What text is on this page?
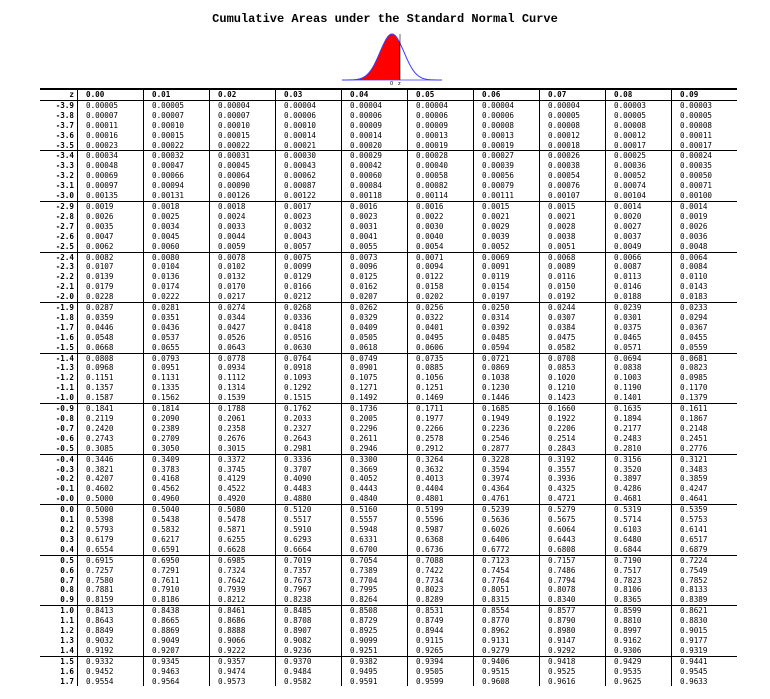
Cumulative Areas under the Standard Normal Curve
0 z
z	0.00	0.01	0.02	0.03	0.04	0.05	0.06	0.07	0.08	0.09
-3.9	0.00005	0.00005	0.00004	0.00004	0.00004	0.00004	0.00004	0.00004	0.00003	0.00003
-3.8	0.00007	0.00007	0.00007	0.00006	0.00006	0.00006	0.00006	0.00005	0.00005	0.00005
-3.7	0.00011	0.00010	0.00010	0.00010	0.00009	0.00009	0.00008	0.00008	0.00008	0.00008
-3.6	0.00016	0.00015	0.00015	0.00014	0.00014	0.00013	0.00013	0.00012	0.00012	0.00011
-3.5	0.00023	0.00022	0.00022	0.00021	0.00020	0.00019	0.00019	0.00018	0.00017	0.00017
-3.4	0.00034	0.00032	0.00031	0.00030	0.00029	0.00028	0.00027	0.00026	0.00025	0.00024
-3.3	0.00048	0.00047	0.00045	0.00043	0.00042	0.00040	0.00039	0.00038	0.00036	0.00035
-3.2	0.00069	0.00066	0.00064	0.00062	0.00060	0.00058	0.00056	0.00054	0.00052	0.00050
-3.1	0.00097	0.00094	0.00090	0.00087	0.00084	0.00082	0.00079	0.00076	0.00074	0.00071
-3.0	0.00135	0.00131	0.00126	0.00122	0.00118	0.00114	0.00111	0.00107	0.00104	0.00100
-2.9	0.0019	0.0018	0.0018	0.0017	0.0016	0.0016	0.0015	0.0015	0.0014	0.0014
-2.8	0.0026	0.0025	0.0024	0.0023	0.0023	0.0022	0.0021	0.0021	0.0020	0.0019
-2.7	0.0035	0.0034	0.0033	0.0032	0.0031	0.0030	0.0029	0.0028	0.0027	0.0026
-2.6	0.0047	0.0045	0.0044	0.0043	0.0041	0.0040	0.0039	0.0038	0.0037	0.0036
-2.5	0.0062	0.0060	0.0059	0.0057	0.0055	0.0054	0.0052	0.0051	0.0049	0.0048
-2.4	0.0082	0.0080	0.0078	0.0075	0.0073	0.0071	0.0069	0.0068	0.0066	0.0064
-2.3	0.0107	0.0104	0.0102	0.0099	0.0096	0.0094	0.0091	0.0089	0.0087	0.0084
-2.2	0.0139	0.0136	0.0132	0.0129	0.0125	0.0122	0.0119	0.0116	0.0113	0.0110
-2.1	0.0179	0.0174	0.0170	0.0166	0.0162	0.0158	0.0154	0.0150	0.0146	0.0143
-2.0	0.0228	0.0222	0.0217	0.0212	0.0207	0.0202	0.0197	0.0192	0.0188	0.0183
-1.9	0.0287	0.0281	0.0274	0.0268	0.0262	0.0256	0.0250	0.0244	0.0239	0.0233
-1.8	0.0359	0.0351	0.0344	0.0336	0.0329	0.0322	0.0314	0.0307	0.0301	0.0294
-1.7	0.0446	0.0436	0.0427	0.0418	0.0409	0.0401	0.0392	0.0384	0.0375	0.0367
-1.6	0.0548	0.0537	0.0526	0.0516	0.0505	0.0495	0.0485	0.0475	0.0465	0.0455
-1.5	0.0668	0.0655	0.0643	0.0630	0.0618	0.0606	0.0594	0.0582	0.0571	0.0559
-1.4	0.0808	0.0793	0.0778	0.0764	0.0749	0.0735	0.0721	0.0708	0.0694	0.0681
-1.3	0.0968	0.0951	0.0934	0.0918	0.0901	0.0885	0.0869	0.0853	0.0838	0.0823
-1.2	0.1151	0.1131	0.1112	0.1093	0.1075	0.1056	0.1038	0.1020	0.1003	0.0985
-1.1	0.1357	0.1335	0.1314	0.1292	0.1271	0.1251	0.1230	0.1210	0.1190	0.1170
-1.0	0.1587	0.1562	0.1539	0.1515	0.1492	0.1469	0.1446	0.1423	0.1401	0.1379
-0.9	0.1841	0.1814	0.1788	0.1762	0.1736	0.1711	0.1685	0.1660	0.1635	0.1611
-0.8	0.2119	0.2090	0.2061	0.2033	0.2005	0.1977	0.1949	0.1922	0.1894	0.1867
-0.7	0.2420	0.2389	0.2358	0.2327	0.2296	0.2266	0.2236	0.2206	0.2177	0.2148
-0.6	0.2743	0.2709	0.2676	0.2643	0.2611	0.2578	0.2546	0.2514	0.2483	0.2451
-0.5	0.3085	0.3050	0.3015	0.2981	0.2946	0.2912	0.2877	0.2843	0.2810	0.2776
-0.4	0.3446	0.3409	0.3372	0.3336	0.3300	0.3264	0.3228	0.3192	0.3156	0.3121
-0.3	0.3821	0.3783	0.3745	0.3707	0.3669	0.3632	0.3594	0.3557	0.3520	0.3483
-0.2	0.4207	0.4168	0.4129	0.4090	0.4052	0.4013	0.3974	0.3936	0.3897	0.3859
-0.1	0.4602	0.4562	0.4522	0.4483	0.4443	0.4404	0.4364	0.4325	0.4286	0.4247
-0.0	0.5000	0.4960	0.4920	0.4880	0.4840	0.4801	0.4761	0.4721	0.4681	0.4641
0.0	0.5000	0.5040	0.5080	0.5120	0.5160	0.5199	0.5239	0.5279	0.5319	0.5359
0.1	0.5398	0.5438	0.5478	0.5517	0.5557	0.5596	0.5636	0.5675	0.5714	0.5753
0.2	0.5793	0.5832	0.5871	0.5910	0.5948	0.5987	0.6026	0.6064	0.6103	0.6141
0.3	0.6179	0.6217	0.6255	0.6293	0.6331	0.6368	0.6406	0.6443	0.6480	0.6517
0.4	0.6554	0.6591	0.6628	0.6664	0.6700	0.6736	0.6772	0.6808	0.6844	0.6879
0.5	0.6915	0.6950	0.6985	0.7019	0.7054	0.7088	0.7123	0.7157	0.7190	0.7224
0.6	0.7257	0.7291	0.7324	0.7357	0.7389	0.7422	0.7454	0.7486	0.7517	0.7549
0.7	0.7580	0.7611	0.7642	0.7673	0.7704	0.7734	0.7764	0.7794	0.7823	0.7852
0.8	0.7881	0.7910	0.7939	0.7967	0.7995	0.8023	0.8051	0.8078	0.8106	0.8133
0.9	0.8159	0.8186	0.8212	0.8238	0.8264	0.8289	0.8315	0.8340	0.8365	0.8389
1.0	0.8413	0.8438	0.8461	0.8485	0.8508	0.8531	0.8554	0.8577	0.8599	0.8621
1.1	0.8643	0.8665	0.8686	0.8708	0.8729	0.8749	0.8770	0.8790	0.8810	0.8830
1.2	0.8849	0.8869	0.8888	0.8907	0.8925	0.8944	0.8962	0.8980	0.8997	0.9015
1.3	0.9032	0.9049	0.9066	0.9082	0.9099	0.9115	0.9131	0.9147	0.9162	0.9177
1.4	0.9192	0.9207	0.9222	0.9236	0.9251	0.9265	0.9279	0.9292	0.9306	0.9319
1.5	0.9332	0.9345	0.9357	0.9370	0.9382	0.9394	0.9406	0.9418	0.9429	0.9441
1.6	0.9452	0.9463	0.9474	0.9484	0.9495	0.9505	0.9515	0.9525	0.9535	0.9545
1.7	0.9554	0.9564	0.9573	0.9582	0.9591	0.9599	0.9608	0.9616	0.9625	0.9633
